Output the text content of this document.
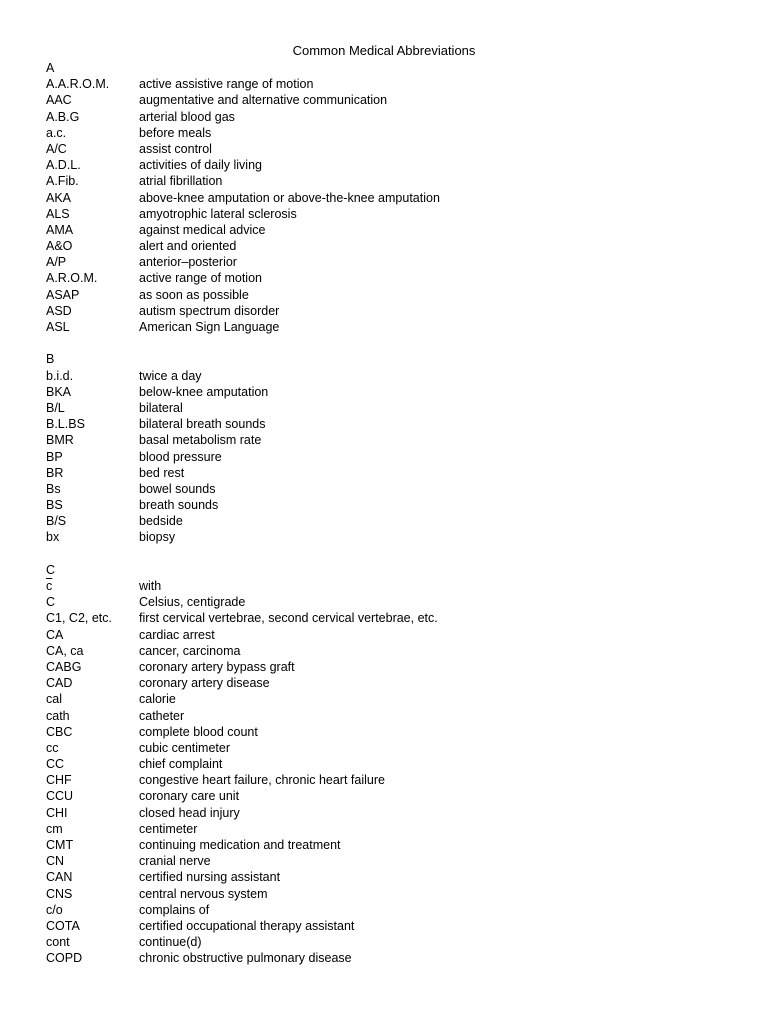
Common Medical Abbreviations
A
A.A.R.O.M.	active assistive range of motion
AAC	augmentative and alternative communication
A.B.G	arterial blood gas
a.c.	before meals
A/C	assist control
A.D.L.	activities of daily living
A.Fib.	atrial fibrillation
AKA	above-knee amputation or above-the-knee amputation
ALS	amyotrophic lateral sclerosis
AMA	against medical advice
A&O	alert and oriented
A/P	anterior–posterior
A.R.O.M.	active range of motion
ASAP	as soon as possible
ASD	autism spectrum disorder
ASL	American Sign Language
B
b.i.d.	twice a day
BKA	below-knee amputation
B/L	bilateral
B.L.BS	bilateral breath sounds
BMR	basal metabolism rate
BP	blood pressure
BR	bed rest
Bs	bowel sounds
BS	breath sounds
B/S	bedside
bx	biopsy
C
$\overline{c}$	with
C	Celsius, centigrade
C1, C2, etc.	first cervical vertebrae, second cervical vertebrae, etc.
CA	cardiac arrest
CA, ca	cancer, carcinoma
CABG	coronary artery bypass graft
CAD	coronary artery disease
cal	calorie
cath	catheter
CBC	complete blood count
cc	cubic centimeter
CC	chief complaint
CHF	congestive heart failure, chronic heart failure
CCU	coronary care unit
CHI	closed head injury
cm	centimeter
CMT	continuing medication and treatment
CN	cranial nerve
CAN	certified nursing assistant
CNS	central nervous system
c/o	complains of
COTA	certified occupational therapy assistant
cont	continue(d)
COPD	chronic obstructive pulmonary disease
